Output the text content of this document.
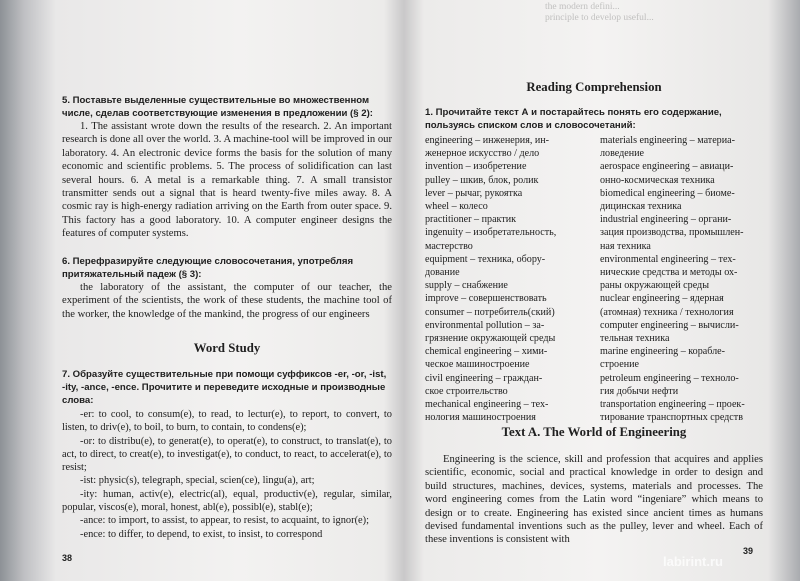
the modern defini...
principle to develop useful...
5. Поставьте выделенные существительные во множественном числе, сделав соответствующие изменения в предложении (§ 2):
1. The assistant wrote down the results of the research. 2. An important research is done all over the world. 3. A machine-tool will be improved in our laboratory. 4. An electronic device forms the basis for the solution of many economic and scientific problems. 5. The process of solidification can last several hours. 6. A metal is a remarkable thing. 7. A small transistor transmitter sends out a signal that is heard twenty-five miles away. 8. A cosmic ray is high-energy radiation arriving on the Earth from outer space. 9. This factory has a good laboratory. 10. A computer engineer designs the features of computer systems.
6. Перефразируйте следующие словосочетания, употребляя притяжательный падеж (§ 3):
the laboratory of the assistant, the computer of our teacher, the experiment of the scientists, the work of these students, the machine tool of the worker, the knowledge of the mankind, the progress of our engineers
Word Study
7. Образуйте существительные при помощи суффиксов -er, -or, -ist, -ity, -ance, -ence. Прочитите и переведите исходные и производные слова:
-er: to cool, to consum(e), to read, to lectur(e), to report, to convert, to listen, to driv(e), to boil, to burn, to contain, to condens(e);
-or: to distribu(e), to generat(e), to operat(e), to construct, to translat(e), to act, to direct, to creat(e), to investigat(e), to conduct, to react, to accelerat(e), to resist;
-ist: physic(s), telegraph, special, scien(ce), lingu(a), art;
-ity: human, activ(e), electric(al), equal, productiv(e), regular, similar, popular, viscos(e), moral, honest, abl(e), possibl(e), stabl(e);
-ance: to import, to assist, to appear, to resist, to acquaint, to ignor(e);
-ence: to differ, to depend, to exist, to insist, to correspond
38
Reading Comprehension
1. Прочитайте текст А и постарайтесь понять его содержание, пользуясь списком слов и словосочетаний:
engineering – инженерия, ин-
женерное искусство / дело
invention – изобретение
pulley – шкив, блок, ролик
lever – рычаг, рукоятка
wheel – колесо
practitioner – практик
ingenuity – изобретательность,
мастерство
equipment – техника, обору-
дование
supply – снабжение
improve – совершенствовать
consumer – потребитель(ский)
environmental pollution – за-
грязнение окружающей среды
chemical engineering – хими-
ческое машиностроение
civil engineering – граждан-
ское строительство
mechanical engineering – тех-
нология машиностроения
materials engineering – материа-
ловедение
aerospace engineering – авиаци-
онно-космическая техника
biomedical engineering – биоме-
дицинская техника
industrial engineering – органи-
зация производства, промышлен-
ная техника
environmental engineering – тех-
нические средства и методы ох-
раны окружающей среды
nuclear engineering – ядерная
(атомная) техника / технология
computer engineering – вычисли-
тельная техника
marine engineering – корабле-
строение
petroleum engineering – техноло-
гия добычи нефти
transportation engineering – проек-
тирование транспортных средств
Text A. The World of Engineering
Engineering is the science, skill and profession that acquires and applies scientific, economic, social and practical knowledge in order to design and build structures, machines, devices, systems, materials and processes. The word engineering comes from the Latin word “ingeniare” which means to design or to create. Engineering has existed since ancient times as humans devised fundamental inventions such as the pulley, lever and wheel. Each of these inventions is consistent with
39
labirint.ru
